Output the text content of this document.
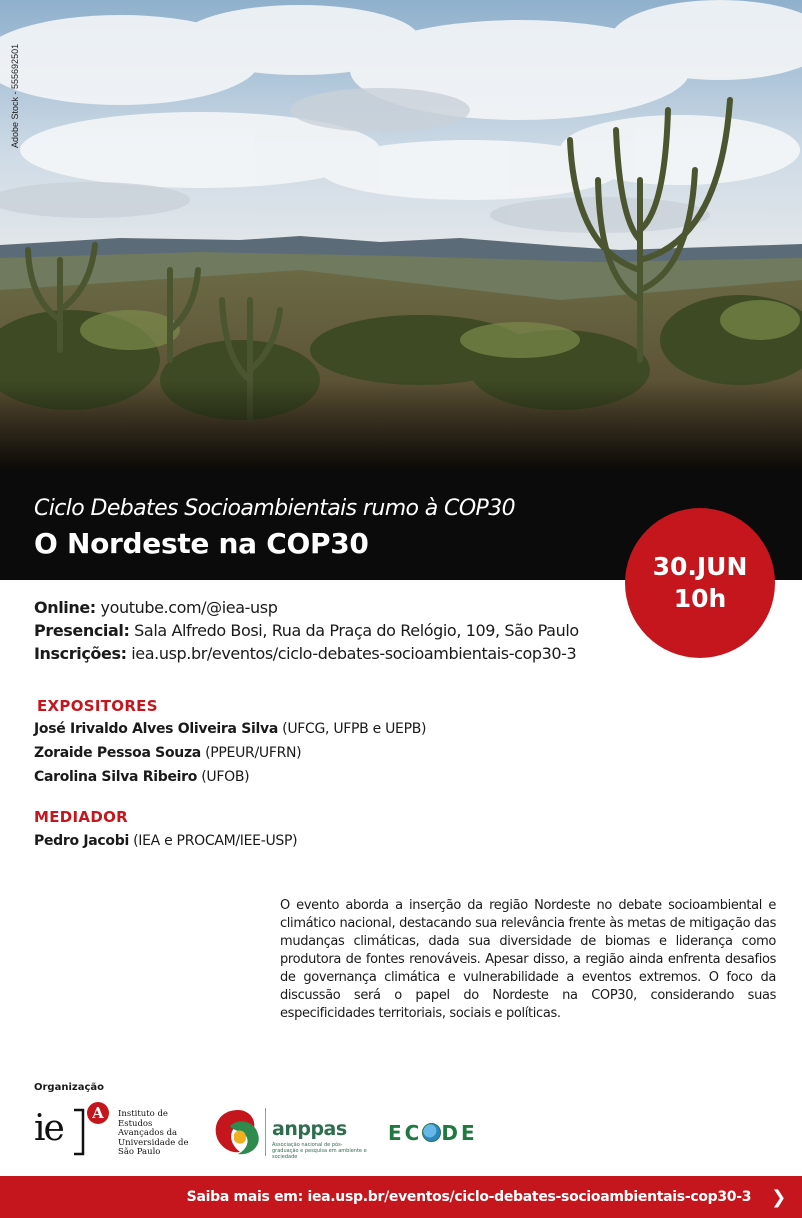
Adobe Stock - 555692501
Ciclo Debates Socioambientais rumo à COP30
O Nordeste na COP30
30.JUN
10h
Online: youtube.com/@iea-usp
Presencial: Sala Alfredo Bosi, Rua da Praça do Relógio, 109, São Paulo
Inscrições: iea.usp.br/eventos/ciclo-debates-socioambientais-cop30-3
EXPOSITORES
José Irivaldo Alves Oliveira Silva (UFCG, UFPB e UEPB)
Zoraide Pessoa Souza (PPEUR/UFRN)
Carolina Silva Ribeiro (UFOB)
MEDIADOR
Pedro Jacobi (IEA e PROCAM/IEE-USP)
O evento aborda a inserção da região Nordeste no debate socioambiental e climático nacional, destacando sua relevância frente às metas de mitigação das mudanças climáticas, dada sua diversidade de biomas e liderança como produtora de fontes renováveis. Apesar disso, a região ainda enfrenta desafios de governança climática e vulnerabilidade a eventos extremos. O foco da discussão será o papel do Nordeste na COP30, considerando suas especificidades territoriais, sociais e políticas.
Organização
ie	A	Instituto de
Estudos
Avançados da
Universidade de
São Paulo
anppas
Associação nacional de pós-graduação e pesquisa em ambiente e sociedade
EC DE
Saiba mais em: iea.usp.br/eventos/ciclo-debates-socioambientais-cop30-3 ❯
